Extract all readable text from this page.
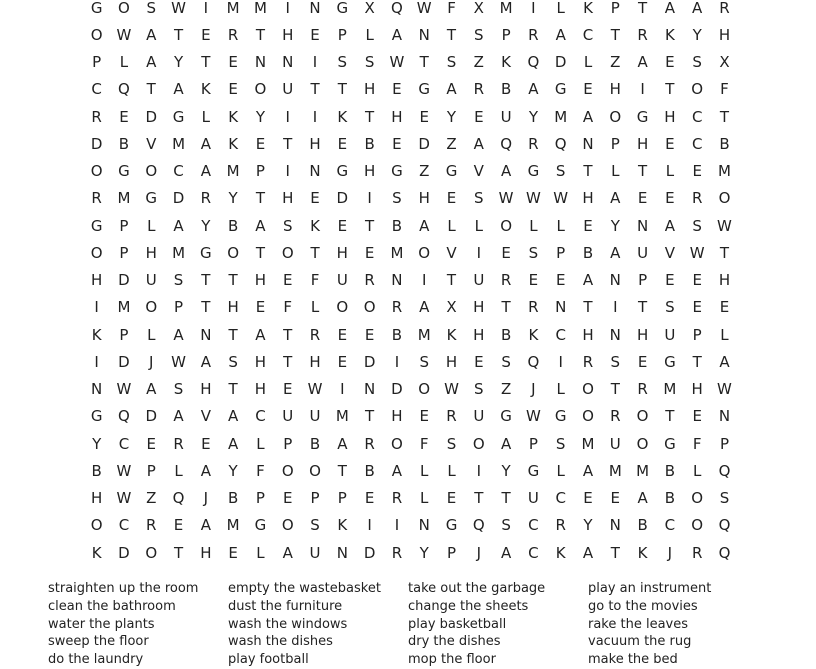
G	O	S	W	I	M M	I	N	G	X	Q W	F	X	M	I	L	K	P	T	A	A	R
O W A	T	E	R	T	H	E	P	L	A	N	T	S	P	R	A	C	T	R	K	Y	H
P	L	A	Y	T	E	N	N	I	S	S	W	T	S	Z	K	Q	D	L	Z	A	E	S	X
C	Q	T	A	K	E	O	U	T	T	H	E	G	A	R	B	A	G	E	H	I	T	O	F
R	E	D	G	L	K	Y	I	I	K	T	H	E	Y	E	U	Y	M	A	O	G	H	C	T
D	B	V	M	A	K	E	T	H	E	B	E	D	Z	A	Q	R	Q	N	P	H	E	C	B
O	G	O	C	A	M	P	I	N	G	H	G	Z	G	V	A	G	S	T	L	T	L	E	M
R	M	G	D	R	Y	T	H	E	D	I	S	H	E	S	W W W H	A	E	E	R	O
G	P	L	A	Y	B	A	S	K	E	T	B	A	L	L	O	L	L	E	Y	N	A	S	W
O	P	H	M	G	O	T	O	T	H	E	M O	V	I	E	S	P	B	A	U	V W	T
H	D	U	S	T	T	H	E	F	U	R	N	I	T	U	R	E	E	A	N	P	E	E	H
I	M O	P	T	H	E	F	L	O	O	R	A	X	H	T	R	N	T	I	T	S	E	E
K	P	L	A	N	T	A	T	R	E	E	B	M	K	H	B	K	C	H	N	H	U	P	L
I	D	J	W A	S	H	T	H	E	D	I	S	H	E	S	Q	I	R	S	E	G	T	A
N W A	S	H	T	H	E	W	I	N	D	O W	S	Z	J	L	O	T	R	M	H W
G	Q	D	A	V	A	C	U	U	M	T	H	E	R	U	G W G	O	R	O	T	E	N
Y	C	E	R	E	A	L	P	B	A	R	O	F	S	O	A	P	S	M	U	O	G	F	P
B W	P	L	A	Y	F	O	O	T	B	A	L	L	I	Y	G	L	A	M M	B	L	Q
H W Z	Q	J	B	P	E	P	P	E	R	L	E	T	T	U	C	E	E	A	B	O	S
O	C	R	E	A	M	G	O	S	K	I	I	N	G	Q	S	C	R	Y	N	B	C	O	Q
K	D	O	T	H	E	L	A	U	N	D	R	Y	P	J	A	C	K	A	T	K	J	R	Q
straighten up the room
clean the bathroom
water the plants
sweep the floor
do the laundry
empty the wastebasket
dust the furniture
wash the windows
wash the dishes
play football
take out the garbage
change the sheets
play basketball
dry the dishes
mop the floor
play an instrument
go to the movies
rake the leaves
vacuum the rug
make the bed
